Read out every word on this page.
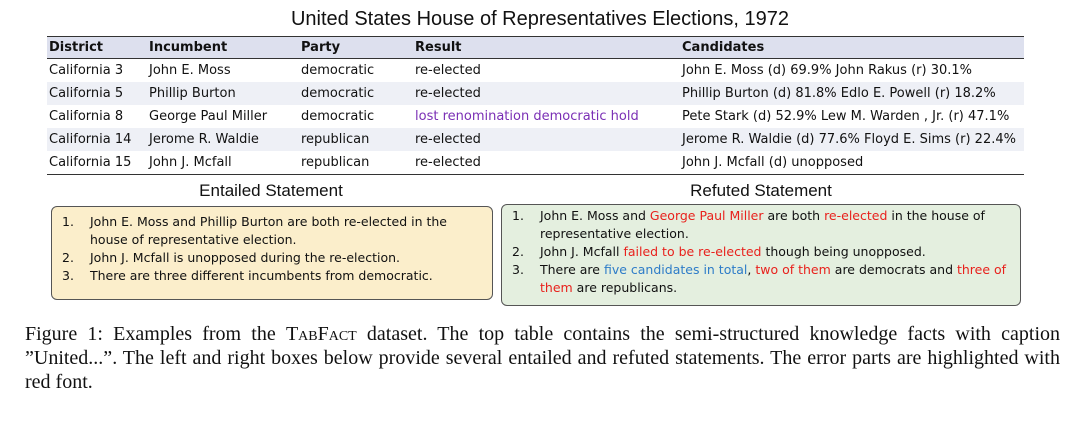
United States House of Representatives Elections, 1972
District	Incumbent	Party	Result	Candidates
California 3	John E. Moss	democratic	re-elected	John E. Moss (d) 69.9% John Rakus (r) 30.1%
California 5	Phillip Burton	democratic	re-elected	Phillip Burton (d) 81.8% Edlo E. Powell (r) 18.2%
California 8	George Paul Miller	democratic	lost renomination democratic hold	Pete Stark (d) 52.9% Lew M. Warden , Jr. (r) 47.1%
California 14	Jerome R. Waldie	republican	re-elected	Jerome R. Waldie (d) 77.6% Floyd E. Sims (r) 22.4%
California 15	John J. Mcfall	republican	re-elected	John J. Mcfall (d) unopposed
Entailed Statement	Refuted Statement
1.	John E. Moss and Phillip Burton are both re-elected in the house of representative election.
2.	John J. Mcfall is unopposed during the re-election.
3.	There are three different incumbents from democratic.
1.	John E. Moss and George Paul Miller are both re-elected in the house of representative election.
2.	John J. Mcfall failed to be re-elected though being unopposed.
3.	There are five candidates in total, two of them are democrats and three of them are republicans.
Figure 1: Examples from the TabFact dataset. The top table contains the semi-structured knowledge facts with caption ”United...”. The left and right boxes below provide several entailed and refuted statements. The error parts are highlighted with red font.
